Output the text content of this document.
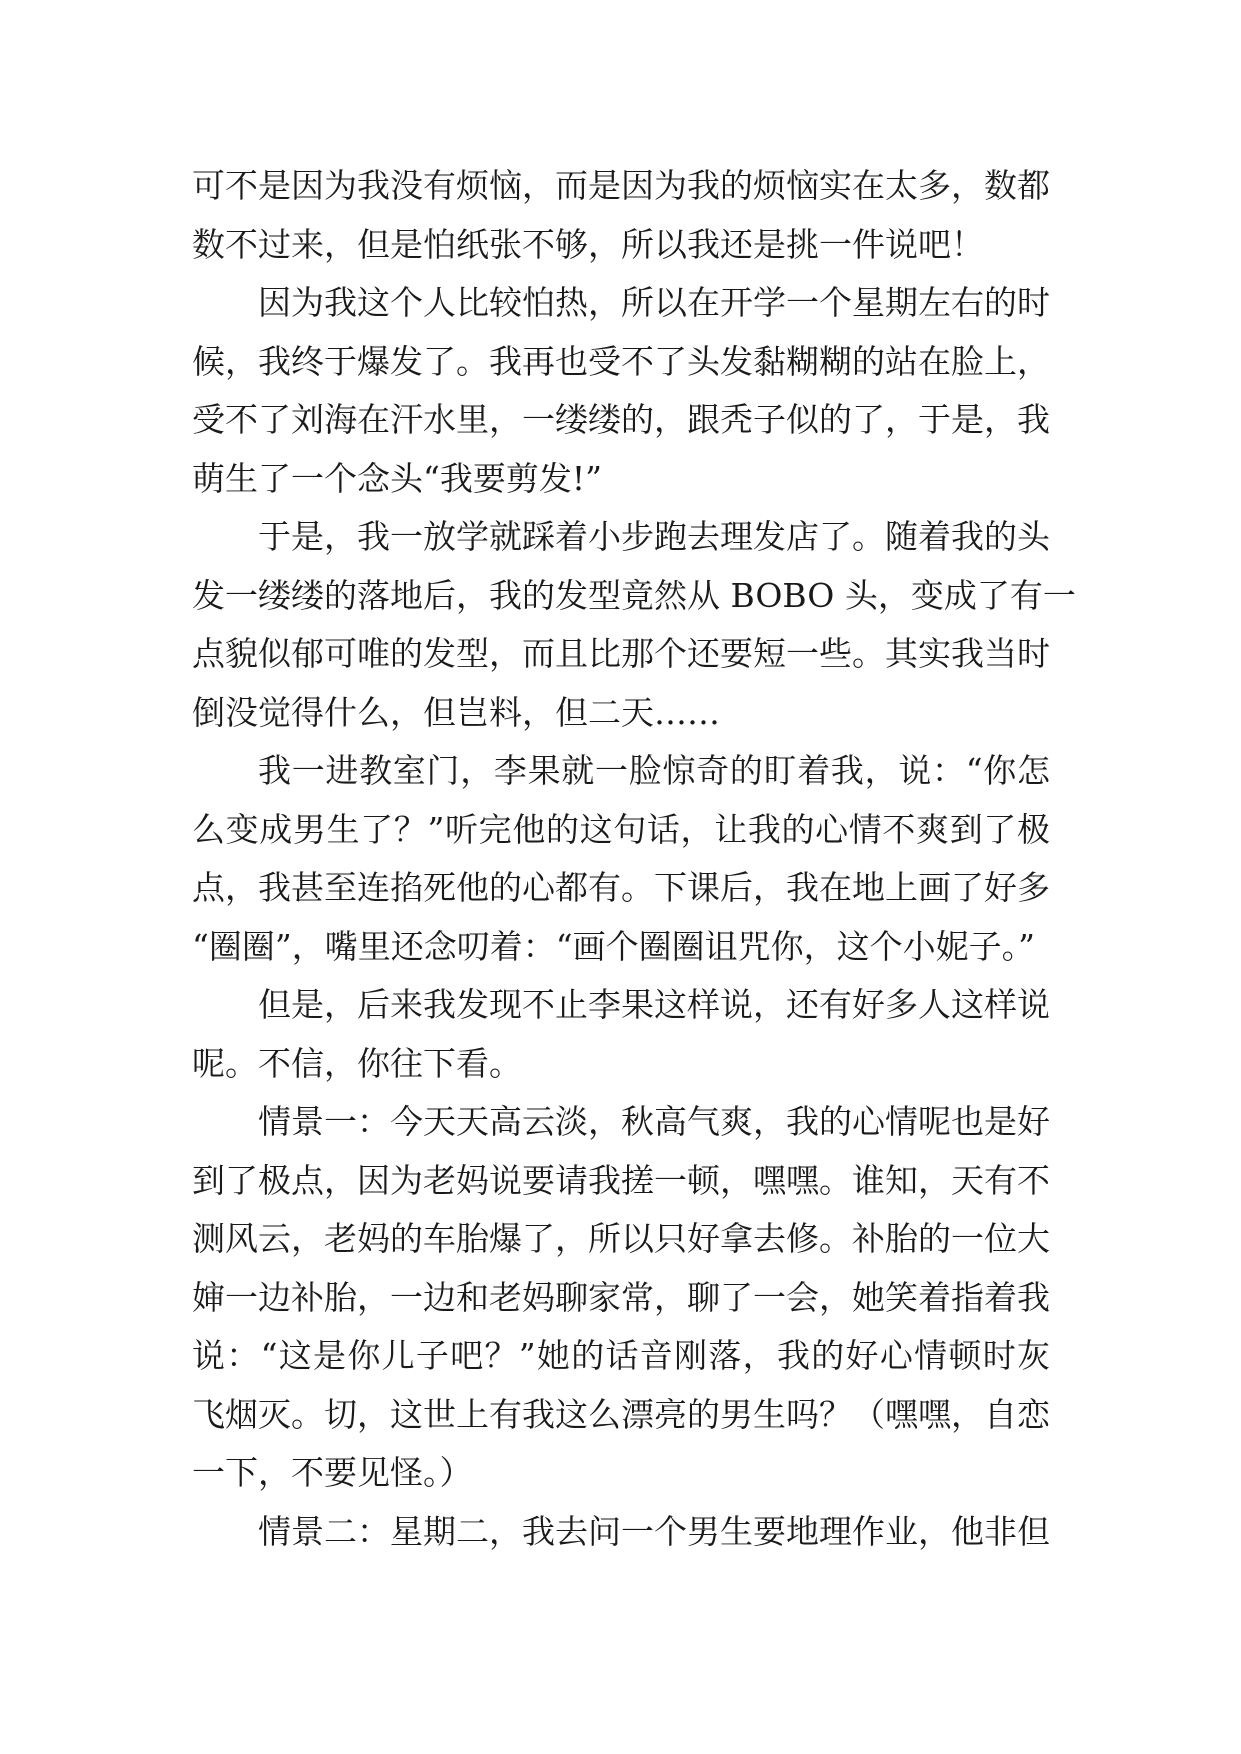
可不是因为我没有烦恼，而是因为我的烦恼实在太多，数都
数不过来，但是怕纸张不够，所以我还是挑一件说吧！
因为我这个人比较怕热，所以在开学一个星期左右的时
候，我终于爆发了。我再也受不了头发黏糊糊的站在脸上，
受不了刘海在汗水里，一缕缕的，跟秃子似的了，于是，我
萌生了一个念头“我要剪发!”
于是，我一放学就踩着小步跑去理发店了。随着我的头
发一缕缕的落地后，我的发型竟然从 BOBO 头，变成了有一
点貌似郁可唯的发型，而且比那个还要短一些。其实我当时
倒没觉得什么，但岂料，但二天……
我一进教室门，李果就一脸惊奇的盯着我，说：“你怎
么变成男生了？”听完他的这句话，让我的心情不爽到了极
点，我甚至连掐死他的心都有。下课后，我在地上画了好多
“圈圈”，嘴里还念叨着：“画个圈圈诅咒你，这个小妮子。”
但是，后来我发现不止李果这样说，还有好多人这样说
呢。不信，你往下看。
情景一：今天天高云淡，秋高气爽，我的心情呢也是好
到了极点，因为老妈说要请我搓一顿，嘿嘿。谁知，天有不
测风云，老妈的车胎爆了，所以只好拿去修。补胎的一位大
婶一边补胎，一边和老妈聊家常，聊了一会，她笑着指着我
说：“这是你儿子吧？”她的话音刚落，我的好心情顿时灰
飞烟灭。切，这世上有我这么漂亮的男生吗？（嘿嘿，自恋
一下，不要见怪。）
情景二：星期二，我去问一个男生要地理作业，他非但
